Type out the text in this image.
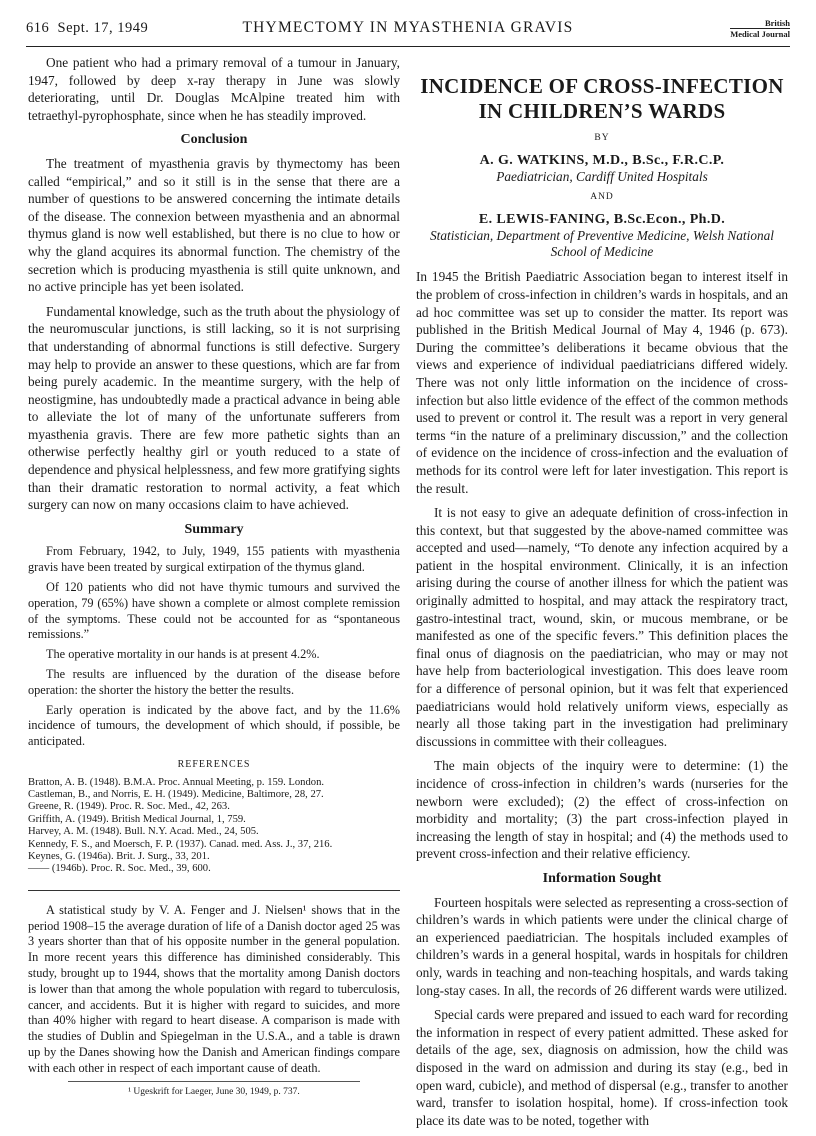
616 Sept. 17, 1949	THYMECTOMY IN MYASTHENIA GRAVIS	British
Medical Journal

One patient who had a primary removal of a tumour in January, 1947, followed by deep x-ray therapy in June was slowly deteriorating, until Dr. Douglas McAlpine treated him with tetraethyl-pyrophosphate, since when he has steadily improved.

Conclusion

The treatment of myasthenia gravis by thymectomy has been called “empirical,” and so it still is in the sense that there are a number of questions to be answered concerning the intimate details of the disease. The connexion between myasthenia and an abnormal thymus gland is now well established, but there is no clue to how or why the gland acquires its abnormal function. The chemistry of the secretion which is producing myasthenia is still quite unknown, and no active principle has yet been isolated.

Fundamental knowledge, such as the truth about the physiology of the neuromuscular junctions, is still lacking, so it is not surprising that understanding of abnormal functions is still defective. Surgery may help to provide an answer to these questions, which are far from being purely academic. In the meantime surgery, with the help of neostigmine, has undoubtedly made a practical advance in being able to alleviate the lot of many of the unfortunate sufferers from myasthenia gravis. There are few more pathetic sights than an otherwise perfectly healthy girl or youth reduced to a state of dependence and physical helplessness, and few more gratifying sights than their dramatic restoration to normal activity, a feat which surgery can now on many occasions claim to have achieved.

Summary

From February, 1942, to July, 1949, 155 patients with myasthenia gravis have been treated by surgical extirpation of the thymus gland.

Of 120 patients who did not have thymic tumours and survived the operation, 79 (65%) have shown a complete or almost complete remission of the symptoms. These could not be accounted for as “spontaneous remissions.”

The operative mortality in our hands is at present 4.2%.

The results are influenced by the duration of the disease before operation: the shorter the history the better the results.

Early operation is indicated by the above fact, and by the 11.6% incidence of tumours, the development of which should, if possible, be anticipated.

REFERENCES
Bratton, A. B. (1948). B.M.A. Proc. Annual Meeting, p. 159. London.
Castleman, B., and Norris, E. H. (1949). Medicine, Baltimore, 28, 27.
Greene, R. (1949). Proc. R. Soc. Med., 42, 263.
Griffith, A. (1949). British Medical Journal, 1, 759.
Harvey, A. M. (1948). Bull. N.Y. Acad. Med., 24, 505.
Kennedy, F. S., and Moersch, F. P. (1937). Canad. med. Ass. J., 37, 216.
Keynes, G. (1946a). Brit. J. Surg., 33, 201.
—— (1946b). Proc. R. Soc. Med., 39, 600.

A statistical study by V. A. Fenger and J. Nielsen¹ shows that in the period 1908–15 the average duration of life of a Danish doctor aged 25 was 3 years shorter than that of his opposite number in the general population. In more recent years this difference has diminished considerably. This study, brought up to 1944, shows that the mortality among Danish doctors is lower than that among the whole population with regard to tuberculosis, cancer, and accidents. But it is higher with regard to suicides, and more than 40% higher with regard to heart disease. A comparison is made with the studies of Dublin and Spiegelman in the U.S.A., and a table is drawn up by the Danes showing how the Danish and American findings compare with each other in respect of each important cause of death.

¹ Ugeskrift for Laeger, June 30, 1949, p. 737.
INCIDENCE OF CROSS-INFECTION IN CHILDREN’S WARDS
BY
A. G. WATKINS, M.D., B.Sc., F.R.C.P.
Paediatrician, Cardiff United Hospitals
AND
E. LEWIS-FANING, B.Sc.Econ., Ph.D.
Statistician, Department of Preventive Medicine, Welsh National School of Medicine

In 1945 the British Paediatric Association began to interest itself in the problem of cross-infection in children’s wards in hospitals, and an ad hoc committee was set up to consider the matter. Its report was published in the British Medical Journal of May 4, 1946 (p. 673). During the committee’s deliberations it became obvious that the views and experience of individual paediatricians differed widely. There was not only little information on the incidence of cross-infection but also little evidence of the effect of the common methods used to prevent or control it. The result was a report in very general terms “in the nature of a preliminary discussion,” and the collection of evidence on the incidence of cross-infection and the evaluation of methods for its control were left for later investigation. This report is the result.

It is not easy to give an adequate definition of cross-infection in this context, but that suggested by the above-named committee was accepted and used—namely, “To denote any infection acquired by a patient in the hospital environment. Clinically, it is an infection arising during the course of another illness for which the patient was originally admitted to hospital, and may attack the respiratory tract, gastro-intestinal tract, wound, skin, or mucous membrane, or be manifested as one of the specific fevers.” This definition places the final onus of diagnosis on the paediatrician, who may or may not have help from bacteriological investigation. This does leave room for a difference of personal opinion, but it was felt that experienced paediatricians would hold relatively uniform views, especially as nearly all those taking part in the investigation had preliminary discussions in committee with their colleagues.

The main objects of the inquiry were to determine: (1) the incidence of cross-infection in children’s wards (nurseries for the newborn were excluded); (2) the effect of cross-infection on morbidity and mortality; (3) the part cross-infection played in increasing the length of stay in hospital; and (4) the methods used to prevent cross-infection and their relative efficiency.

Information Sought

Fourteen hospitals were selected as representing a cross-section of children’s wards in which patients were under the clinical charge of an experienced paediatrician. The hospitals included examples of children’s wards in a general hospital, wards in hospitals for children only, wards in teaching and non-teaching hospitals, and wards taking long-stay cases. In all, the records of 26 different wards were utilized.

Special cards were prepared and issued to each ward for recording the information in respect of every patient admitted. These asked for details of the age, sex, diagnosis on admission, how the child was disposed in the ward on admission and during its stay (e.g., bed in open ward, cubicle), and method of dispersal (e.g., transfer to another ward, transfer to isolation hospital, home). If cross-infection took place its date was to be noted, together with
